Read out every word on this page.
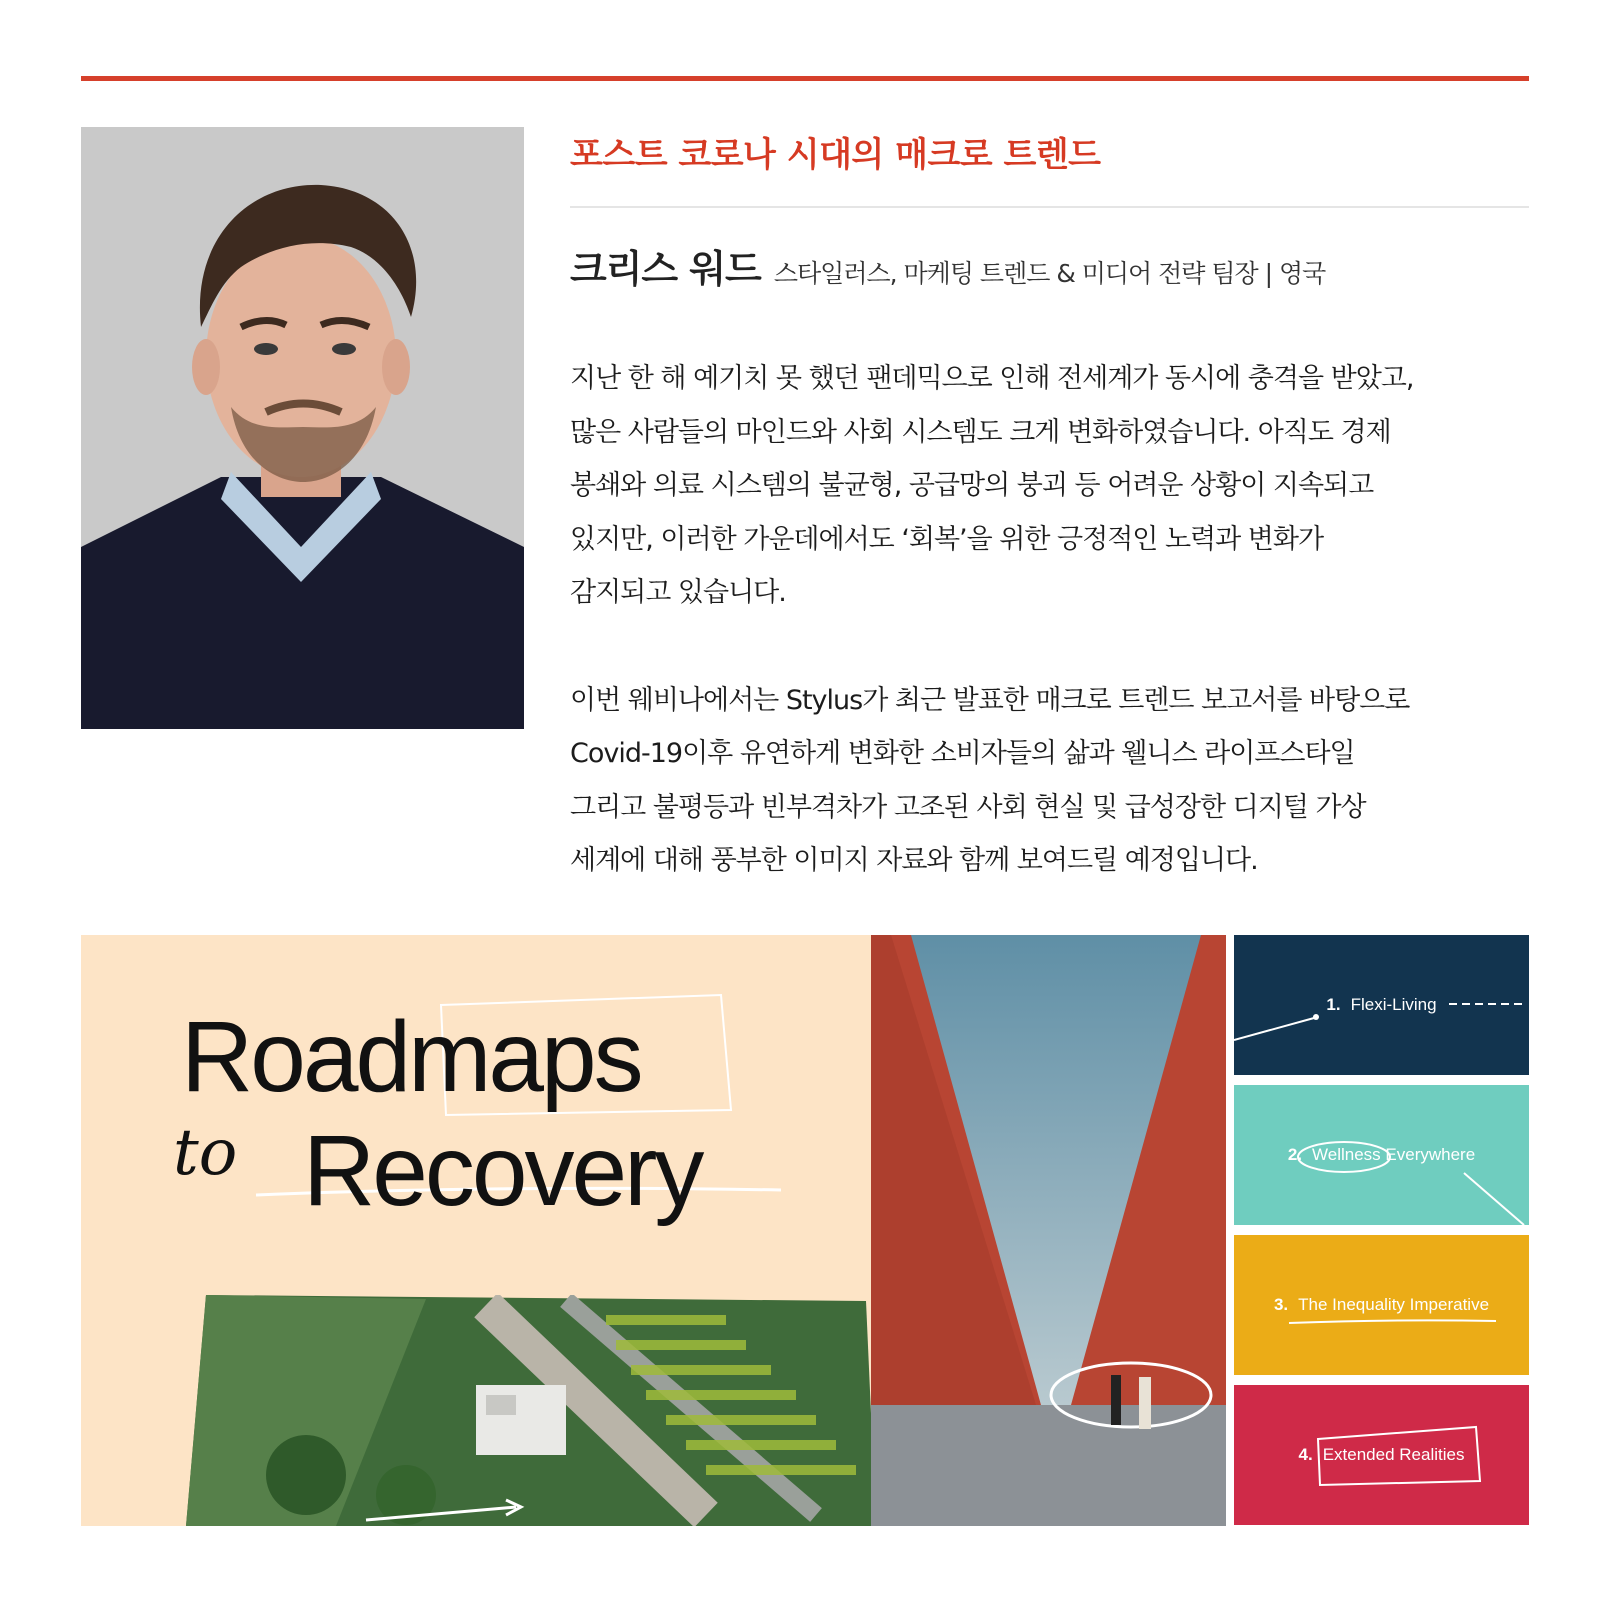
포스트 코로나 시대의 매크로 트렌드
크리스 워드 스타일러스, 마케팅 트렌드 & 미디어 전략 팀장 | 영국

지난 한 해 예기치 못 했던 팬데믹으로 인해 전세계가 동시에 충격을 받았고,

많은 사람들의 마인드와 사회 시스템도 크게 변화하였습니다. 아직도 경제

봉쇄와 의료 시스템의 불균형, 공급망의 붕괴 등 어려운 상황이 지속되고

있지만, 이러한 가운데에서도 ‘회복’을 위한 긍정적인 노력과 변화가

감지되고 있습니다.

이번 웨비나에서는 Stylus가 최근 발표한 매크로 트렌드 보고서를 바탕으로

Covid-19이후 유연하게 변화한 소비자들의 삶과 웰니스 라이프스타일

그리고 불평등과 빈부격차가 고조된 사회 현실 및 급성장한 디지털 가상

세계에 대해 풍부한 이미지 자료와 함께 보여드릴 예정입니다.

Roadmaps
to Recovery
1. Flexi-Living
2. Wellness Everywhere
3. The Inequality Imperative
4. Extended Realities
